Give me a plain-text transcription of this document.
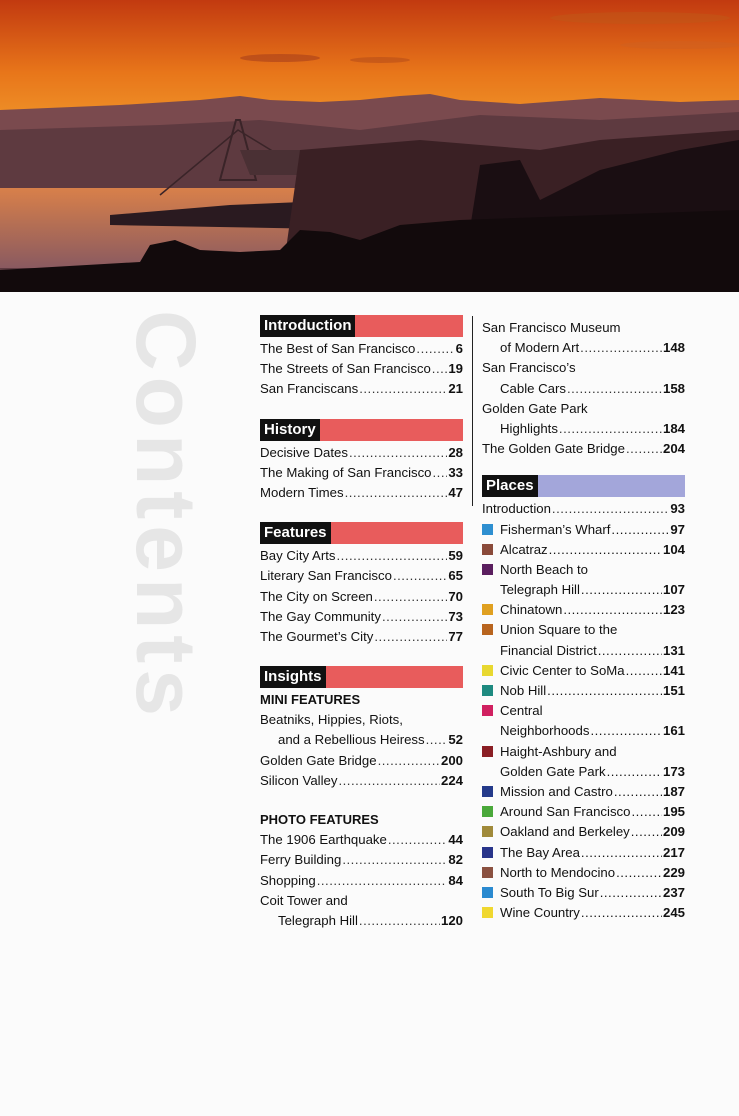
Contents	Introduction
The Best of San Francisco .....	6
The Streets of San Francisco ..... 19
San Franciscans .....	21
History
Decisive Dates .....	28
The Making of San Francisco ..... 33
Modern Times .....	47
Features
Bay City Arts .....	59
Literary San Francisco .....	65
The City on Screen .....	70
The Gay Community .....	73
The Gourmet’s City .....	77
Insights
MINI FEATURES
Beatniks, Hippies, Riots,
and a Rebellious Heiress ..... 52
Golden Gate Bridge .....	200
Silicon Valley .....	224
PHOTO FEATURES
The 1906 Earthquake .....	44
Ferry Building .....	82
Shopping .....	84
Coit Tower and
Telegraph Hill .....	120
San Francisco Museum
of Modern Art .....	148
San Francisco’s
Cable Cars .....	158
Golden Gate Park
Highlights .....	184
The Golden Gate Bridge .....	204
Places
Introduction .....	93
Fisherman’s Wharf .....	97
Alcatraz .....	104
North Beach to
Telegraph Hill .....	107
Chinatown .....	123
Union Square to the
Financial District .....	131
Civic Center to SoMa .....	141
Nob Hill .....	151
Central
Neighborhoods .....	161
Haight-Ashbury and
Golden Gate Park .....	173
Mission and Castro .....	187
Around San Francisco ..... 195
Oakland and Berkeley .....	209
The Bay Area .....	217
North to Mendocino .....	229
South To Big Sur .....	237
Wine Country .....	245
